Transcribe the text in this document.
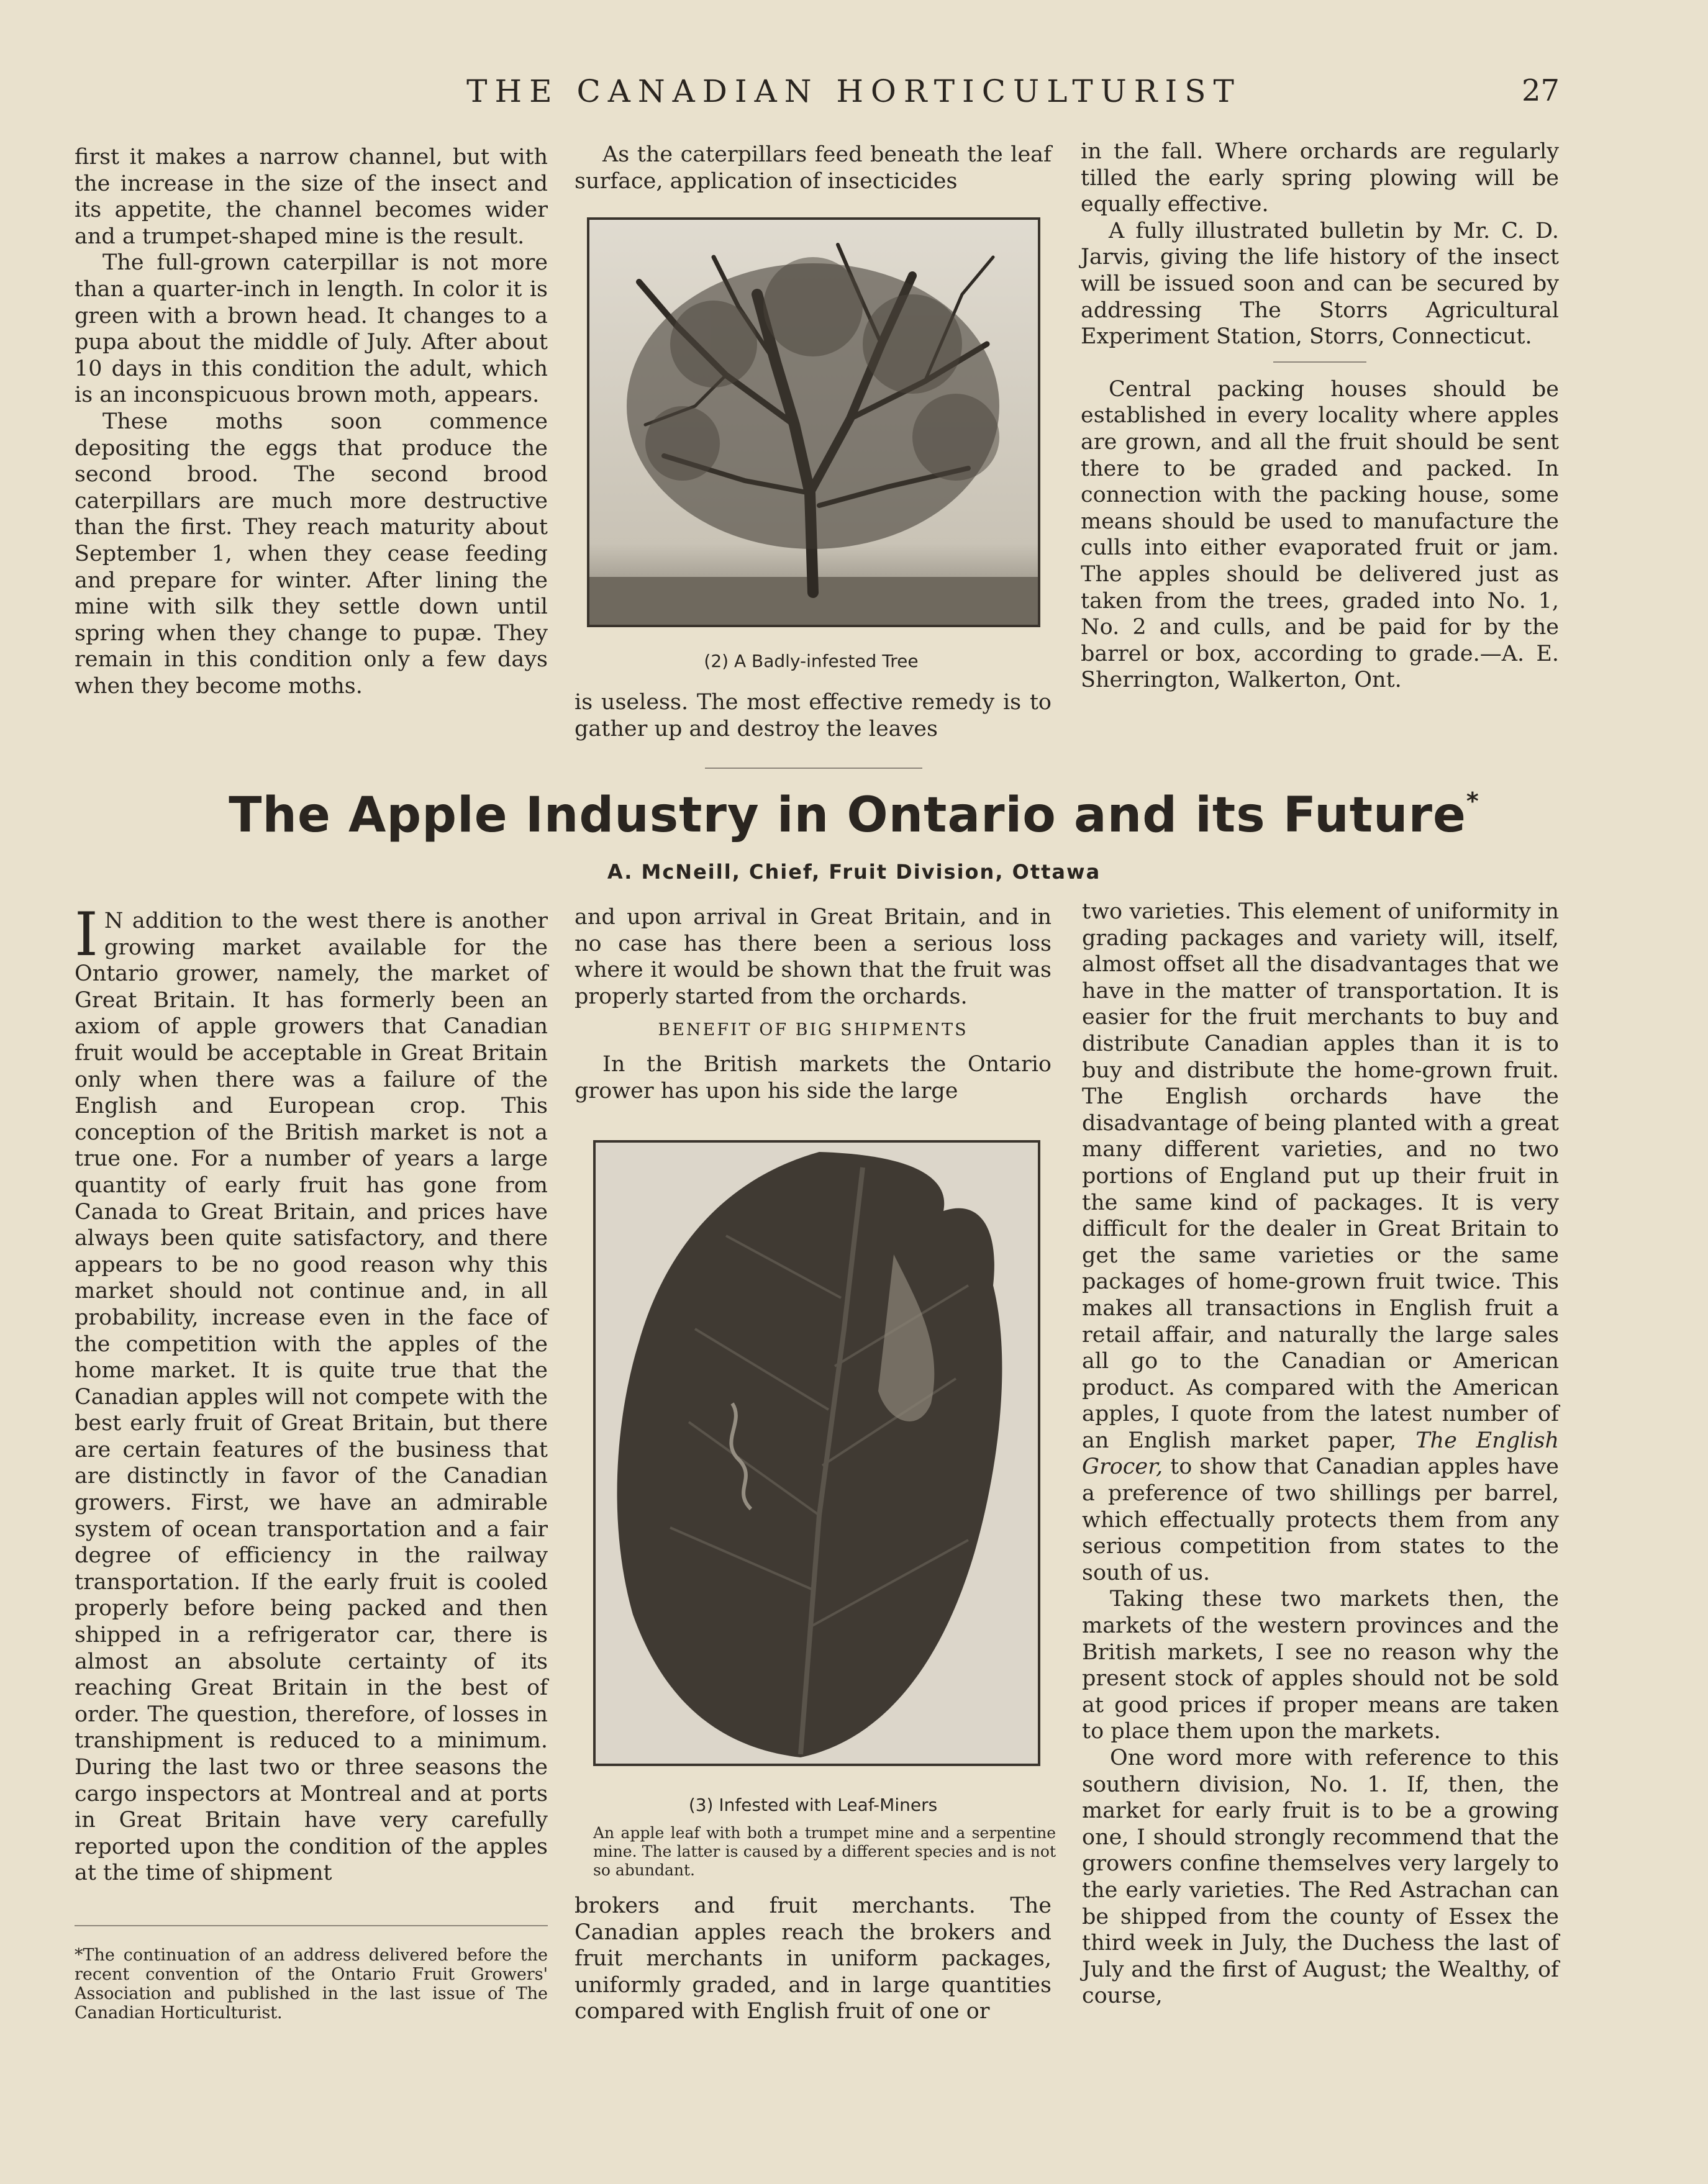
THE CANADIAN HORTICULTURIST	27

first it makes a narrow channel, but with the increase in the size of the insect and its appetite, the channel becomes wider and a trumpet-shaped mine is the result.

The full-grown caterpillar is not more than a quarter-inch in length. In color it is green with a brown head. It changes to a pupa about the middle of July. After about 10 days in this condition the adult, which is an inconspicuous brown moth, appears.

These moths soon commence depositing the eggs that produce the second brood. The second brood caterpillars are much more destructive than the first. They reach maturity about September 1, when they cease feeding and prepare for winter. After lining the mine with silk they settle down until spring when they change to pupæ. They remain in this condition only a few days when they become moths.

As the caterpillars feed beneath the leaf surface, application of insecticides

(2) A Badly-infested Tree

is useless. The most effective remedy is to gather up and destroy the leaves

in the fall. Where orchards are regularly tilled the early spring plowing will be equally effective.

A fully illustrated bulletin by Mr. C. D. Jarvis, giving the life history of the insect will be issued soon and can be secured by addressing The Storrs Agricultural Experiment Station, Storrs, Connecticut.

Central packing houses should be established in every locality where apples are grown, and all the fruit should be sent there to be graded and packed. In connection with the packing house, some means should be used to manufacture the culls into either evaporated fruit or jam. The apples should be delivered just as taken from the trees, graded into No. 1, No. 2 and culls, and be paid for by the barrel or box, according to grade.—A. E. Sherrington, Walkerton, Ont.

The Apple Industry in Ontario and its Future*
A. McNeill, Chief, Fruit Division, Ottawa

I N addition to the west there is another growing market available for the Ontario grower, namely, the market of Great Britain. It has formerly been an axiom of apple growers that Canadian fruit would be acceptable in Great Britain only when there was a failure of the English and European crop. This conception of the British market is not a true one. For a number of years a large quantity of early fruit has gone from Canada to Great Britain, and prices have always been quite satisfactory, and there appears to be no good reason why this market should not continue and, in all probability, increase even in the face of the competition with the apples of the home market. It is quite true that the Canadian apples will not compete with the best early fruit of Great Britain, but there are certain features of the business that are distinctly in favor of the Canadian growers. First, we have an admirable system of ocean transportation and a fair degree of efficiency in the railway transportation. If the early fruit is cooled properly before being packed and then shipped in a refrigerator car, there is almost an absolute certainty of its reaching Great Britain in the best of order. The question, therefore, of losses in transhipment is reduced to a minimum. During the last two or three seasons the cargo inspectors at Montreal and at ports in Great Britain have very carefully reported upon the condition of the apples at the time of shipment

*The continuation of an address delivered before the recent convention of the Ontario Fruit Growers' Association and published in the last issue of The Canadian Horticulturist.

and upon arrival in Great Britain, and in no case has there been a serious loss where it would be shown that the fruit was properly started from the orchards.

BENEFIT OF BIG SHIPMENTS

In the British markets the Ontario grower has upon his side the large

(3) Infested with Leaf-Miners
An apple leaf with both a trumpet mine and a serpentine mine. The latter is caused by a different species and is not so abundant.

brokers and fruit merchants. The Canadian apples reach the brokers and fruit merchants in uniform packages, uniformly graded, and in large quantities compared with English fruit of one or

two varieties. This element of uniformity in grading packages and variety will, itself, almost offset all the disadvantages that we have in the matter of transportation. It is easier for the fruit merchants to buy and distribute Canadian apples than it is to buy and distribute the home-grown fruit. The English orchards have the disadvantage of being planted with a great many different varieties, and no two portions of England put up their fruit in the same kind of packages. It is very difficult for the dealer in Great Britain to get the same varieties or the same packages of home-grown fruit twice. This makes all transactions in English fruit a retail affair, and naturally the large sales all go to the Canadian or American product. As compared with the American apples, I quote from the latest number of an English market paper, The English Grocer, to show that Canadian apples have a preference of two shillings per barrel, which effectually protects them from any serious competition from states to the south of us.

Taking these two markets then, the markets of the western provinces and the British markets, I see no reason why the present stock of apples should not be sold at good prices if proper means are taken to place them upon the markets.

One word more with reference to this southern division, No. 1. If, then, the market for early fruit is to be a growing one, I should strongly recommend that the growers confine themselves very largely to the early varieties. The Red Astrachan can be shipped from the county of Essex the third week in July, the Duchess the last of July and the first of August; the Wealthy, of course,
